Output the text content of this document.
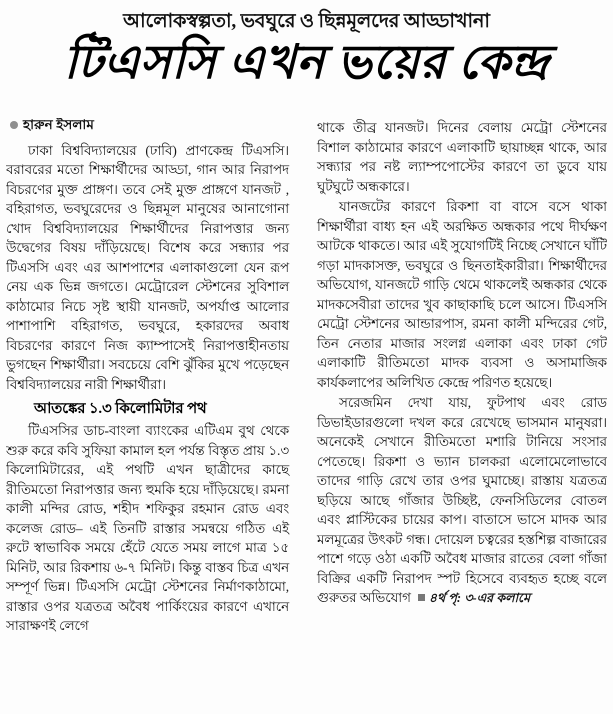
আলোকস্বল্পতা, ভবঘুরে ও ছিন্নমূলদের আড্ডাখানা
টিএসসি এখন ভয়ের কেন্দ্র
হারুন ইসলাম

ঢাকা বিশ্ববিদ্যালয়ের (ঢাবি) প্রাণকেন্দ্র টিএসসি। বরাবরের মতো শিক্ষার্থীদের আড্ডা, গান আর নিরাপদ বিচরণের মুক্ত প্রাঙ্গণ। তবে সেই মুক্ত প্রাঙ্গণে যানজট , বহিরাগত, ভবঘুরেদের ও ছিন্নমূল মানুষের আনাগোনা খোদ বিশ্ববিদ্যালয়ের শিক্ষার্থীদের নিরাপত্তার জন্য উদ্বেগের বিষয় দাঁড়িয়েছে। বিশেষ করে সন্ধ্যার পর টিএসসি এবং এর আশপাশের এলাকাগুলো যেন রূপ নেয় এক ভিন্ন জগতে। মেট্রোরেল স্টেশনের সুবিশাল কাঠামোর নিচে সৃষ্ট স্থায়ী যানজট, অপর্যাপ্ত আলোর পাশাপাশি বহিরাগত, ভবঘুরে, হকারদের অবাধ বিচরণের কারণে নিজ ক্যাম্পাসেই নিরাপত্তাহীনতায় ভুগছেন শিক্ষার্থীরা। সবচেয়ে বেশি ঝুঁকির মুখে পড়েছেন বিশ্ববিদ্যালয়ের নারী শিক্ষার্থীরা।

আতঙ্কের ১.৩ কিলোমিটার পথ

টিএসসির ডাচ-বাংলা ব্যাংকের এটিএম বুথ থেকে শুরু করে কবি সুফিয়া কামাল হল পর্যন্ত বিস্তৃত প্রায় ১.৩ কিলোমিটারের, এই পথটি এখন ছাত্রীদের কাছে রীতিমতো নিরাপত্তার জন্য হুমকি হয়ে দাঁড়িয়েছে। রমনা কালী মন্দির রোড, শহীদ শফিকুর রহমান রোড এবং কলেজ রোড– এই তিনটি রাস্তার সমন্বয়ে গঠিত এই রুটে স্বাভাবিক সময়ে হেঁটে যেতে সময় লাগে মাত্র ১৫ মিনিট, আর রিকশায় ৬-৭ মিনিট। কিন্তু বাস্তব চিত্র এখন সম্পূর্ণ ভিন্ন। টিএসসি মেট্রো স্টেশনের নির্মাণকাঠামো, রাস্তার ওপর যত্রতত্র অবৈধ পার্কিংয়ের কারণে এখানে সারাক্ষণই লেগে

থাকে তীব্র যানজট। দিনের বেলায় মেট্রো স্টেশনের বিশাল কাঠামোর কারণে এলাকাটি ছায়াচ্ছন্ন থাকে, আর সন্ধ্যার পর নষ্ট ল্যাম্পপোস্টের কারণে তা ডুবে যায় ঘুটঘুটে অন্ধকারে।

যানজটের কারণে রিকশা বা বাসে বসে থাকা শিক্ষার্থীরা বাধ্য হন এই অরক্ষিত অন্ধকার পথে দীর্ঘক্ষণ আটকে থাকতে। আর এই সুযোগটিই নিচ্ছে সেখানে ঘাঁটি গড়া মাদকাসক্ত, ভবঘুরে ও ছিনতাইকারীরা। শিক্ষার্থীদের অভিযোগ, যানজটে গাড়ি থেমে থাকলেই অন্ধকার থেকে মাদকসেবীরা তাদের খুব কাছাকাছি চলে আসে। টিএসসি মেট্রো স্টেশনের আন্ডারপাস, রমনা কালী মন্দিরের গেট, তিন নেতার মাজার সংলগ্ন এলাকা এবং ঢাকা গেট এলাকাটি রীতিমতো মাদক ব্যবসা ও অসামাজিক কার্যকলাপের অলিখিত কেন্দ্রে পরিণত হয়েছে।

সরেজমিন দেখা যায়, ফুটপাথ এবং রোড ডিভাইডারগুলো দখল করে রেখেছে ভাসমান মানুষরা। অনেকেই সেখানে রীতিমতো মশারি টানিয়ে সংসার পেতেছে। রিকশা ও ভ্যান চালকরা এলোমেলোভাবে তাদের গাড়ি রেখে তার ওপর ঘুমাচ্ছে। রাস্তায় যত্রতত্র ছড়িয়ে আছে গাঁজার উচ্ছিষ্ট, ফেনসিডিলের বোতল এবং প্লাস্টিকের চায়ের কাপ। বাতাসে ভাসে মাদক আর মলমূত্রের উৎকট গন্ধ। দোয়েল চত্বরের হস্তশিল্প বাজারের পাশে গড়ে ওঠা একটি অবৈধ মাজার রাতের বেলা গাঁজা বিক্রির একটি নিরাপদ স্পট হিসেবে ব্যবহৃত হচ্ছে বলে গুরুতর অভিযোগ ৪র্থ পৃ: ৩-এর কলামে
